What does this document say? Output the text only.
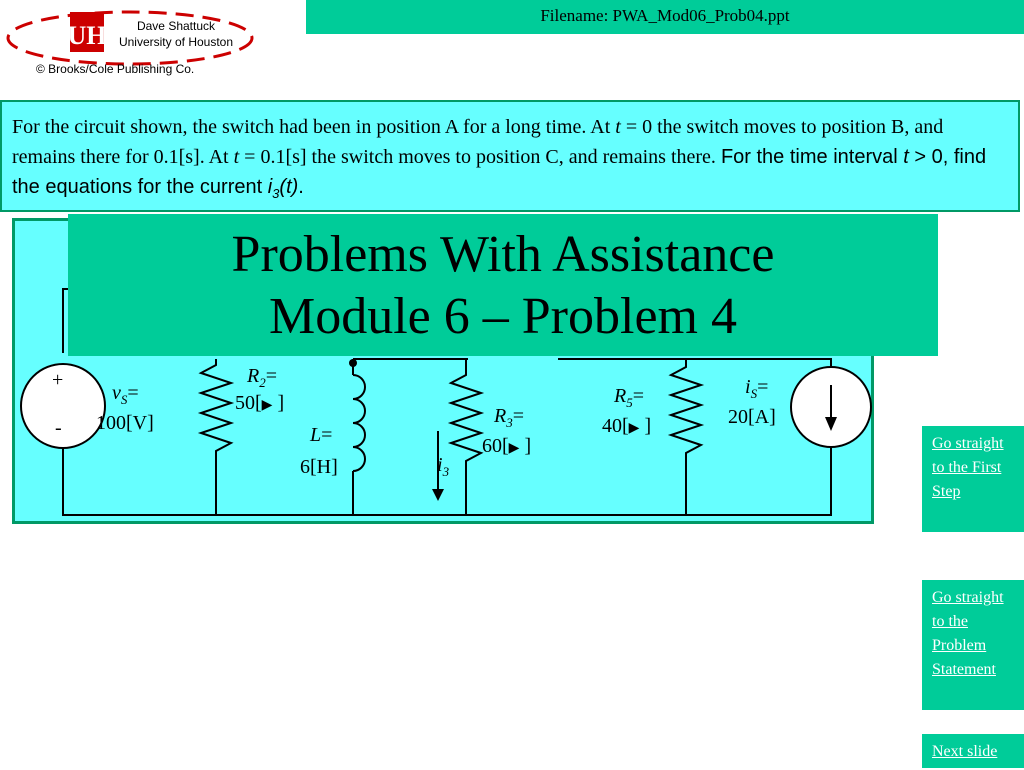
UH	Dave Shattuck
University of Houston
© Brooks/Cole Publishing Co.
Filename: PWA_Mod06_Prob04.ppt
For the circuit shown, the switch had been in position A for a long time. At t = 0 the switch moves to position B, and remains there for 0.1[s]. At t = 0.1[s] the switch moves to position C, and remains there. For the time interval t > 0, find the equations for the current $i_3(t)$.
+
-
$v_S=$
100[V]
$R_2=$
50[▶ ]
L=
6[H]	$i_3$
$R_3=$
60[▶ ]
$R_5=$
40[▶ ]
$i_S=$
20[A]
Problems With Assistance
Module 6 – Problem 4
Go straight to the First Step
Go straight to the Problem Statement
Next slide
